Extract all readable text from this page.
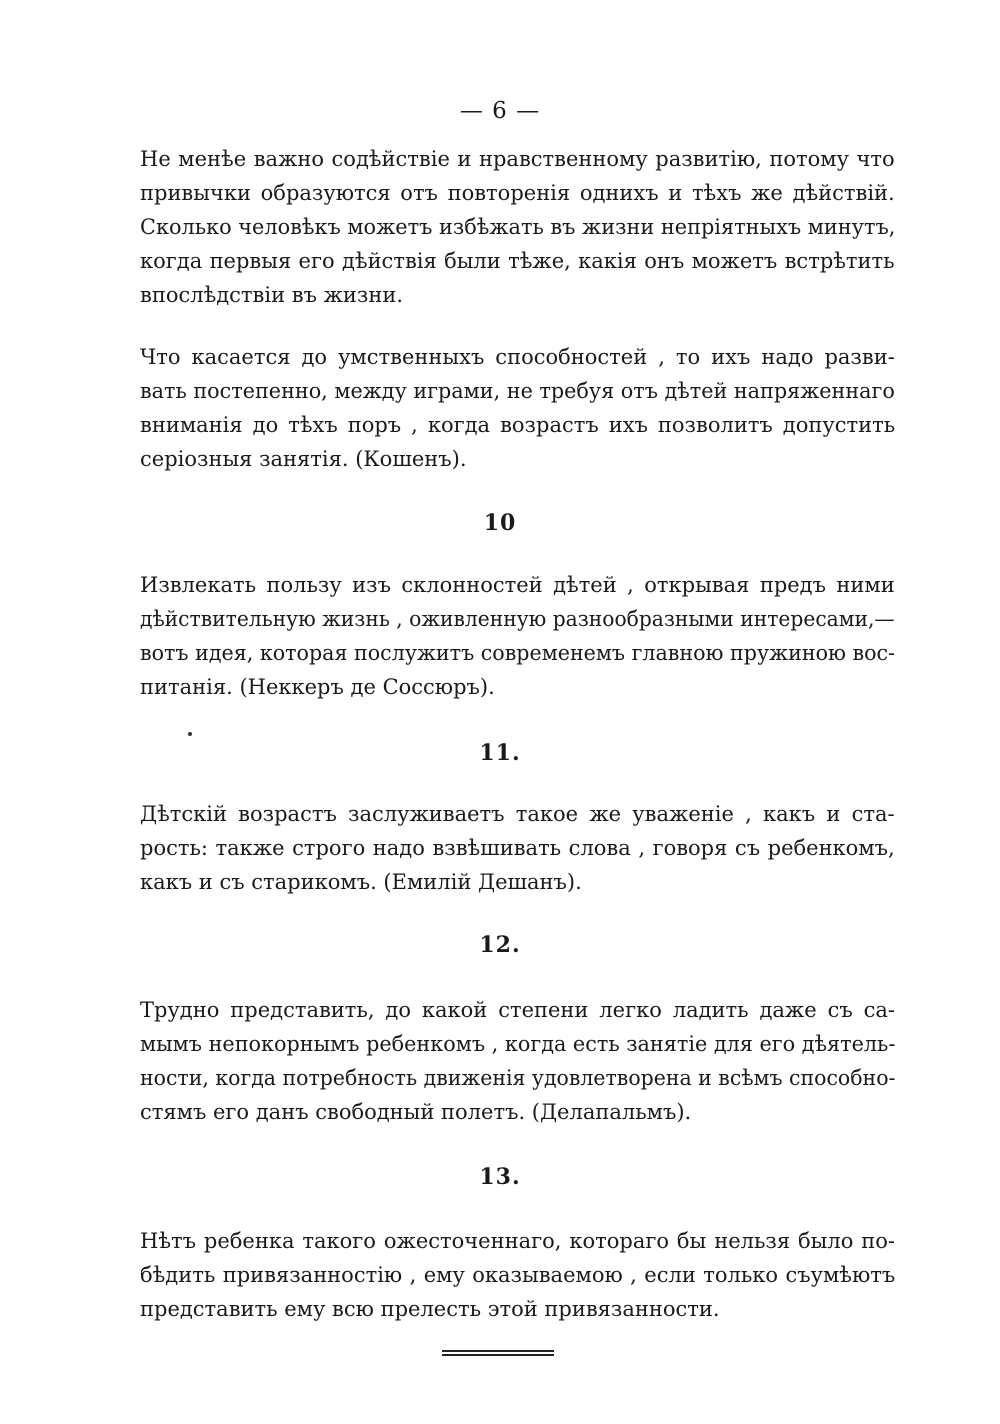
— 6 —
Не менѣе важно содѣйствіе и нравственному развитію, потому что
привычки образуются отъ повторенія однихъ и тѣхъ же дѣйствій.
Сколько человѣкъ можетъ избѣжать въ жизни непріятныхъ минутъ,
когда первыя его дѣйствія были тѣже, какія онъ можетъ встрѣтить
впослѣдствіи въ жизни.
Что касается до умственныхъ способностей , то ихъ надо разви-
вать постепенно, между играми, не требуя отъ дѣтей напряженнаго
вниманія до тѣхъ поръ , когда возрастъ ихъ позволитъ допустить
серіозныя занятія. (Кошенъ).
10
Извлекать пользу изъ склонностей дѣтей , открывая предъ ними
дѣйствительную жизнь , оживленную разнообразными интересами,—
вотъ идея, которая послужитъ современемъ главною пружиною вос-
питанія. (Неккеръ де Соссюръ).
11.
Дѣтскій возрастъ заслуживаетъ такое же уваженіе , какъ и ста-
рость: также строго надо взвѣшивать слова , говоря съ ребенкомъ,
какъ и съ старикомъ. (Емилій Дешанъ).
12.
Трудно представить, до какой степени легко ладить даже съ са-
мымъ непокорнымъ ребенкомъ , когда есть занятіе для его дѣятель-
ности, когда потребность движенія удовлетворена и всѣмъ способно-
стямъ его данъ свободный полетъ. (Делапальмъ).
13.
Нѣтъ ребенка такого ожесточеннаго, котораго бы нельзя было по-
бѣдить привязанностію , ему оказываемою , если только съумѣютъ
представить ему всю прелесть этой привязанности.
